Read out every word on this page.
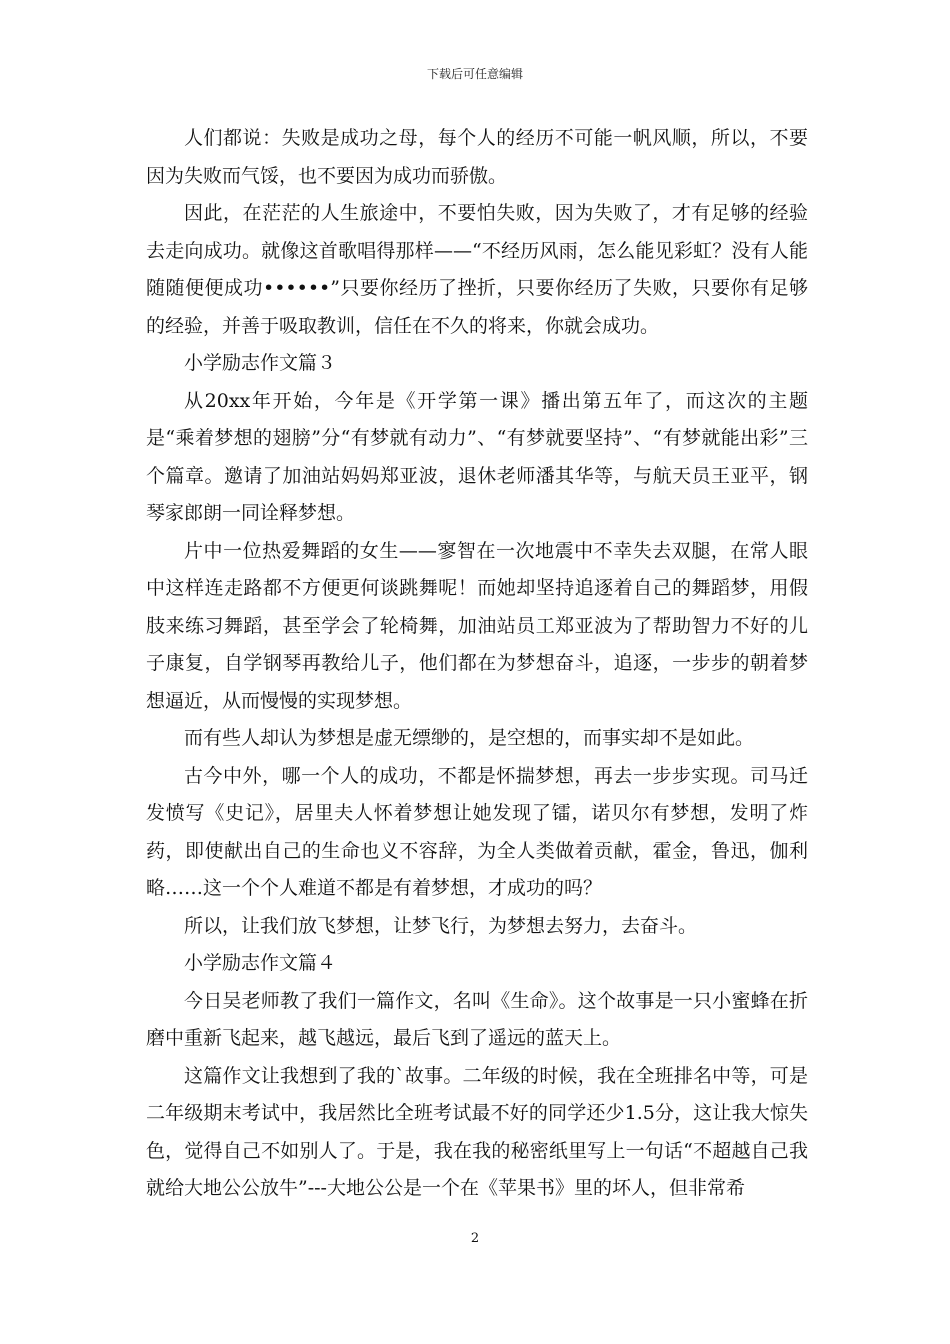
下载后可任意编辑

人们都说：失败是成功之母，每个人的经历不可能一帆风顺，所以，不要因为失败而气馁，也不要因为成功而骄傲。

因此，在茫茫的人生旅途中，不要怕失败，因为失败了，才有足够的经验去走向成功。就像这首歌唱得那样——“不经历风雨，怎么能见彩虹？没有人能随随便便成功••••••”只要你经历了挫折，只要你经历了失败，只要你有足够的经验，并善于吸取教训，信任在不久的将来，你就会成功。

小学励志作文篇３

从20xx年开始，今年是《开学第一课》播出第五年了，而这次的主题是“乘着梦想的翅膀”分“有梦就有动力”、“有梦就要坚持”、“有梦就能出彩”三个篇章。邀请了加油站妈妈郑亚波，退休老师潘其华等，与航天员王亚平，钢琴家郎朗一同诠释梦想。

片中一位热爱舞蹈的女生——寥智在一次地震中不幸失去双腿，在常人眼中这样连走路都不方便更何谈跳舞呢！而她却坚持追逐着自己的舞蹈梦，用假肢来练习舞蹈，甚至学会了轮椅舞，加油站员工郑亚波为了帮助智力不好的儿子康复，自学钢琴再教给儿子，他们都在为梦想奋斗，追逐，一步步的朝着梦想逼近，从而慢慢的实现梦想。

而有些人却认为梦想是虚无缥缈的，是空想的，而事实却不是如此。

古今中外，哪一个人的成功，不都是怀揣梦想，再去一步步实现。司马迁发愤写《史记》，居里夫人怀着梦想让她发现了镭，诺贝尔有梦想，发明了炸药，即使献出自己的生命也义不容辞，为全人类做着贡献，霍金，鲁迅，伽利略……这一个个人难道不都是有着梦想，才成功的吗？

所以，让我们放飞梦想，让梦飞行，为梦想去努力，去奋斗。

小学励志作文篇４

今日吴老师教了我们一篇作文，名叫《生命》。这个故事是一只小蜜蜂在折磨中重新飞起来，越飞越远，最后飞到了遥远的蓝天上。

这篇作文让我想到了我的`故事。二年级的时候，我在全班排名中等，可是二年级期末考试中，我居然比全班考试最不好的同学还少1.5分，这让我大惊失色，觉得自己不如别人了。于是，我在我的秘密纸里写上一句话“不超越自己我就给大地公公放牛”---大地公公是一个在《苹果书》里的坏人，但非常希

2
